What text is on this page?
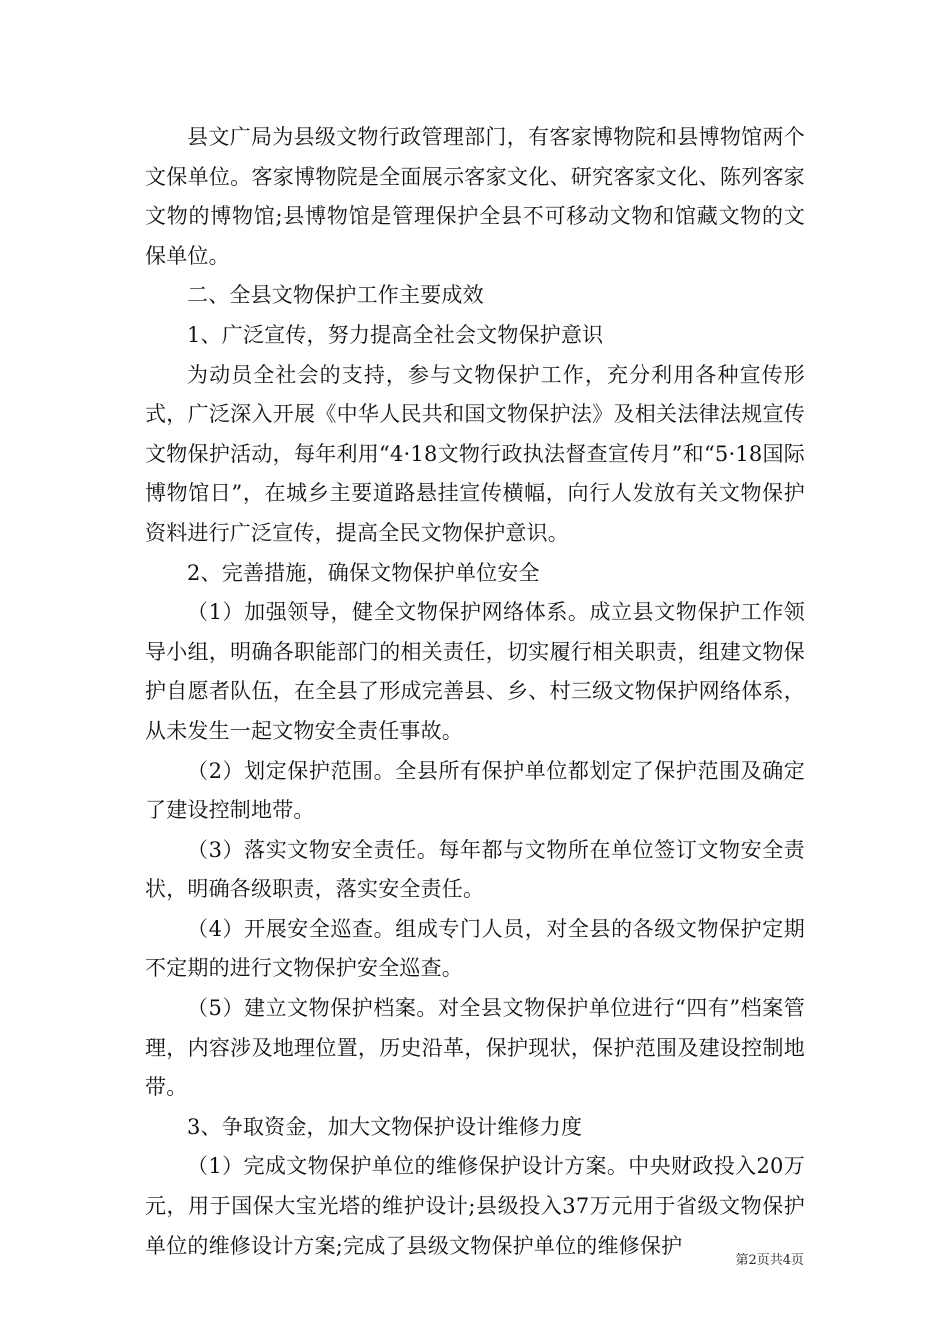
县文广局为县级文物行政管理部门，有客家博物院和县博物馆两个文保单位。客家博物院是全面展示客家文化、研究客家文化、陈列客家文物的博物馆;县博物馆是管理保护全县不可移动文物和馆藏文物的文保单位。

二、全县文物保护工作主要成效

1、广泛宣传，努力提高全社会文物保护意识

为动员全社会的支持，参与文物保护工作，充分利用各种宣传形式，广泛深入开展《中华人民共和国文物保护法》及相关法律法规宣传文物保护活动，每年利用“4·18文物行政执法督查宣传月”和“5·18国际博物馆日”，在城乡主要道路悬挂宣传横幅，向行人发放有关文物保护资料进行广泛宣传，提高全民文物保护意识。

2、完善措施，确保文物保护单位安全

（1）加强领导，健全文物保护网络体系。成立县文物保护工作领导小组，明确各职能部门的相关责任，切实履行相关职责，组建文物保护自愿者队伍，在全县了形成完善县、乡、村三级文物保护网络体系，从未发生一起文物安全责任事故。

（2）划定保护范围。全县所有保护单位都划定了保护范围及确定了建设控制地带。

（3）落实文物安全责任。每年都与文物所在单位签订文物安全责状，明确各级职责，落实安全责任。

（4）开展安全巡查。组成专门人员，对全县的各级文物保护定期不定期的进行文物保护安全巡查。

（5）建立文物保护档案。对全县文物保护单位进行“四有”档案管理，内容涉及地理位置，历史沿革，保护现状，保护范围及建设控制地带。

3、争取资金，加大文物保护设计维修力度

（1）完成文物保护单位的维修保护设计方案。中央财政投入20万元，用于国保大宝光塔的维护设计;县级投入37万元用于省级文物保护单位的维修设计方案;完成了县级文物保护单位的维修保护

第2页共4页
